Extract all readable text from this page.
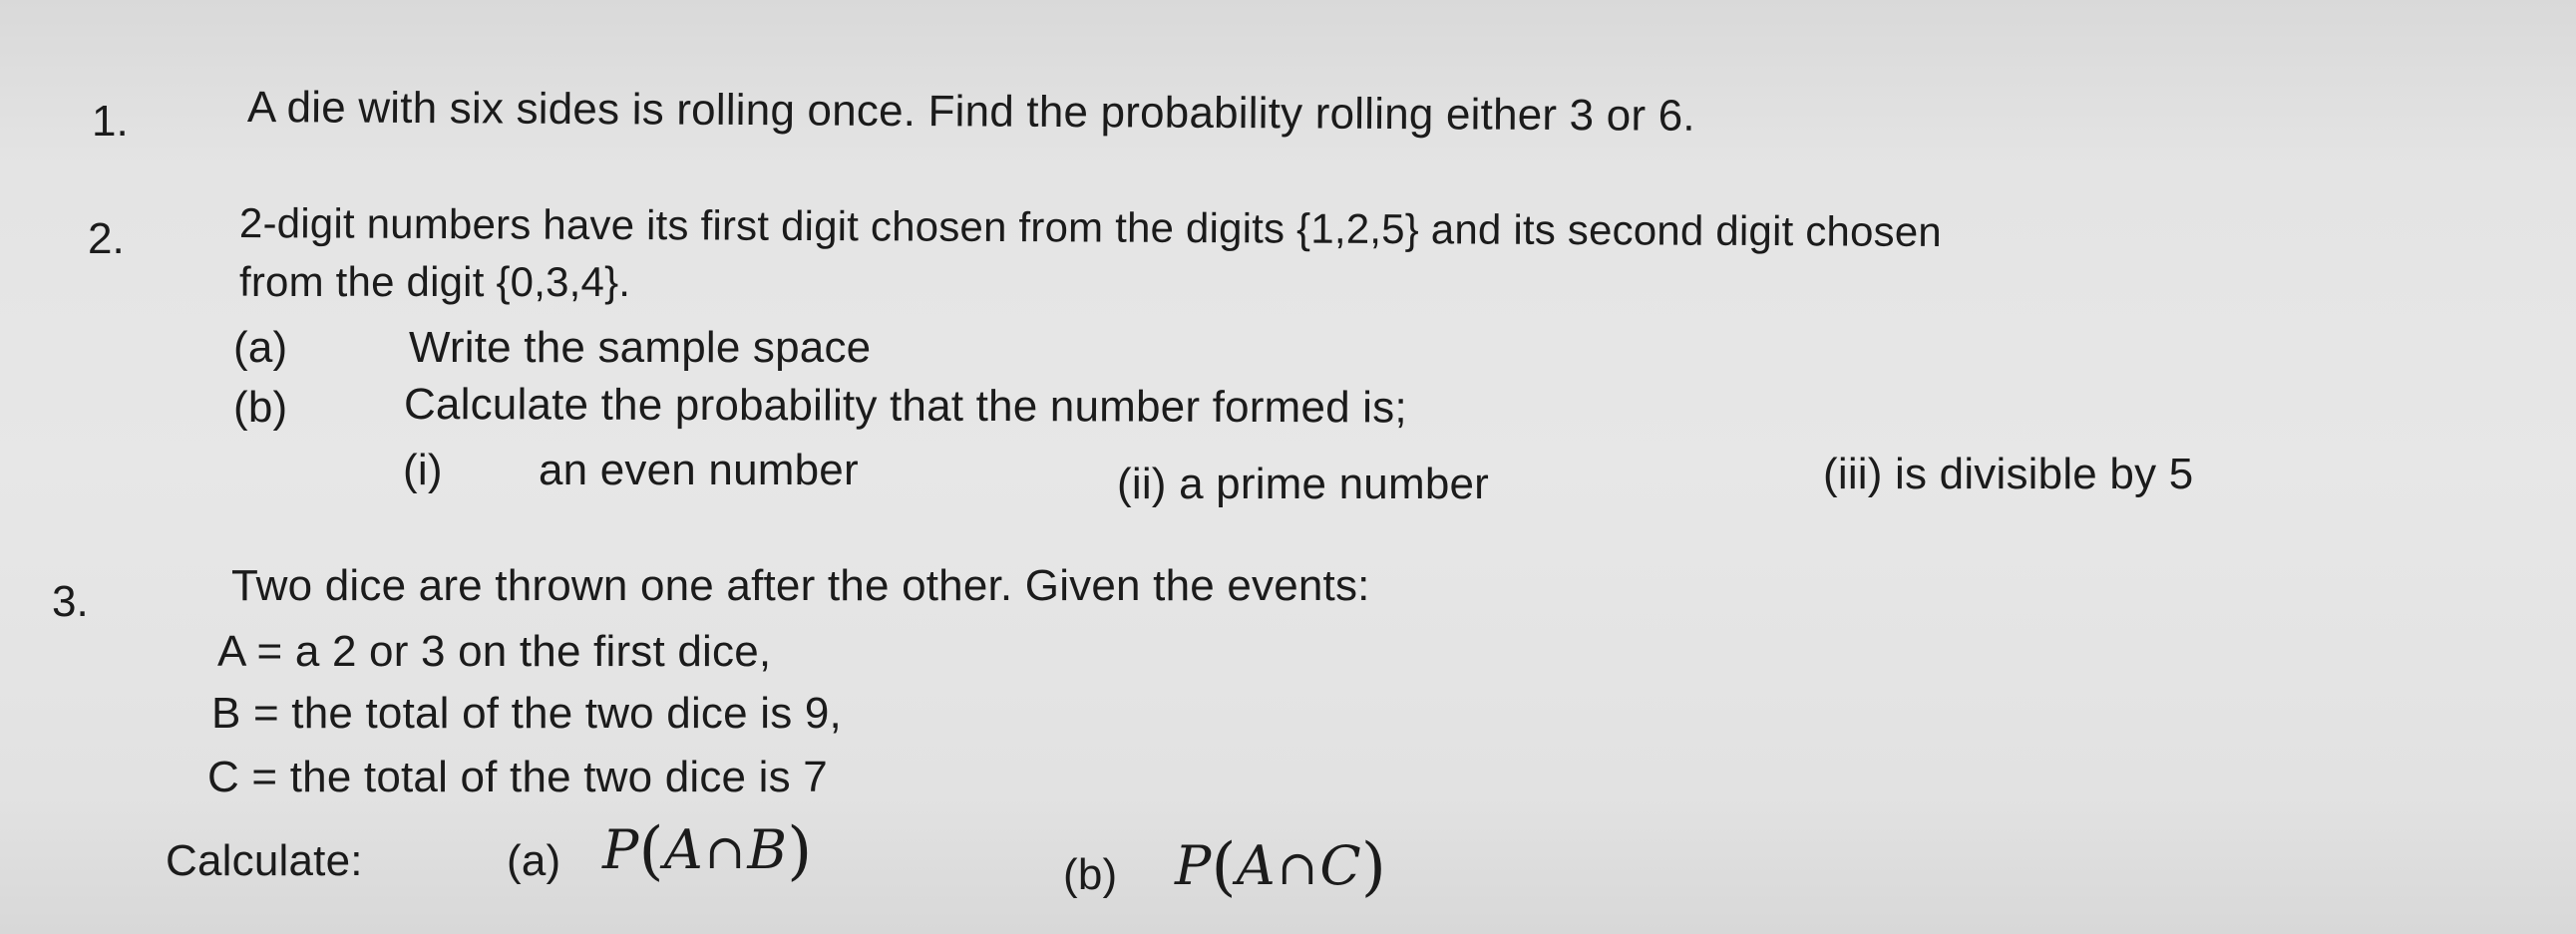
1.	A die with six sides is rolling once. Find the probability rolling either 3 or 6.
2.	2-digit numbers have its first digit chosen from the digits {1,2,5} and its second digit chosen
from the digit {0,3,4}.
(a)	Write the sample space
(b)	Calculate the probability that the number formed is;
(i) an even number	(ii) a prime number	(iii) is divisible by 5
3.	Two dice are thrown one after the other. Given the events:
A = a 2 or 3 on the first dice,
B = the total of the two dice is 9,
C = the total of the two dice is 7
Calculate:	(a) P(A∩B)	(b) P(A∩C)
